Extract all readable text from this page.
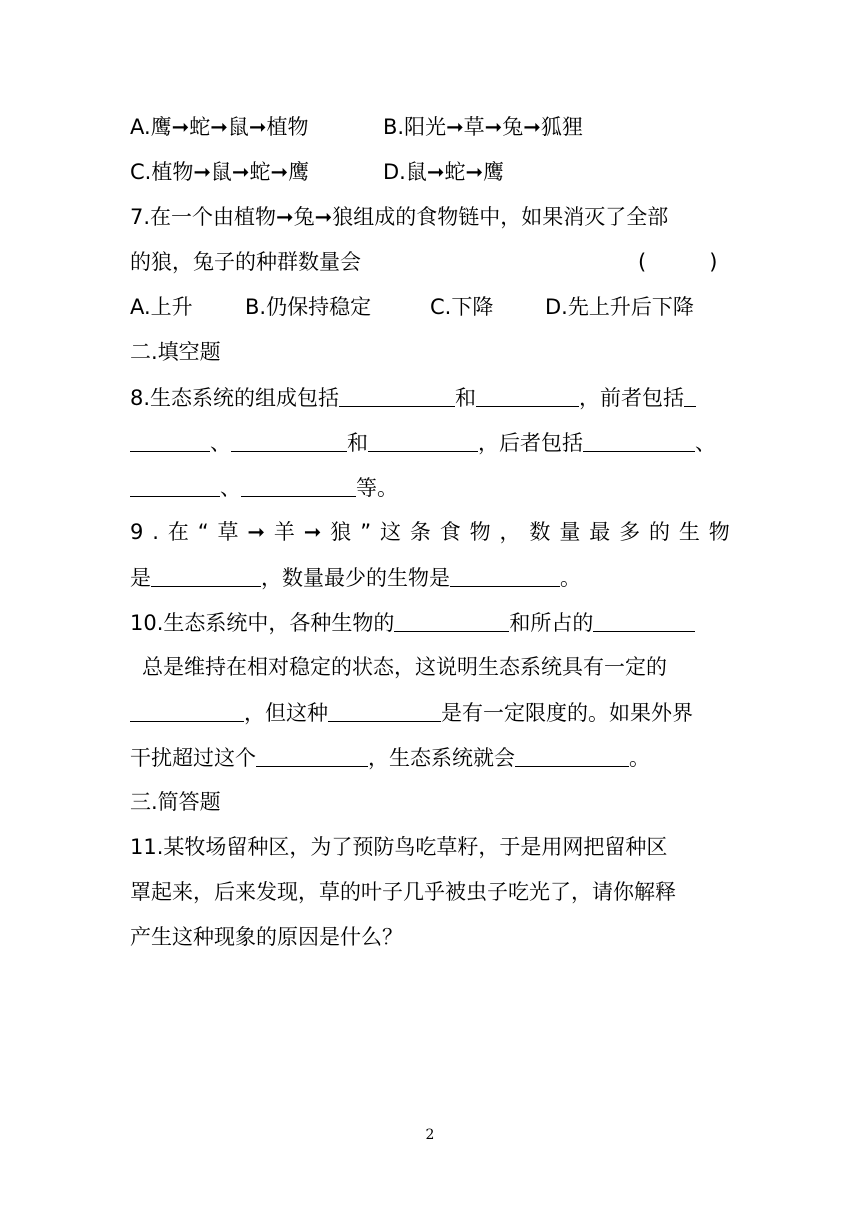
A.鹰➞蛇➞鼠➞植物	B.阳光➞草➞兔➞狐狸
C.植物➞鼠➞蛇➞鹰	D.鼠➞蛇➞鹰
7.在一个由植物➞兔➞狼组成的食物链中，如果消灭了全部
的狼，兔子的种群数量会	(　　　)
A.上升 B.仍保持稳定	C.下降 D.先上升后下降
二.填空题
8.生态系统的组成包括	和	，前者包括
、	和	，后者包括	、
、	等。
9 . 在 “ 草 ➞ 羊 ➞ 狼 ” 这 条 食 物 ， 数 量 最 多 的 生 物
是	，数量最少的生物是	。
10.生态系统中，各种生物的	和所占的
总是维持在相对稳定的状态，这说明生态系统具有一定的
，但这种	是有一定限度的。如果外界
干扰超过这个	，生态系统就会	。
三.简答题
11.某牧场留种区，为了预防鸟吃草籽，于是用网把留种区
罩起来，后来发现，草的叶子几乎被虫子吃光了，请你解释
产生这种现象的原因是什么？
2
